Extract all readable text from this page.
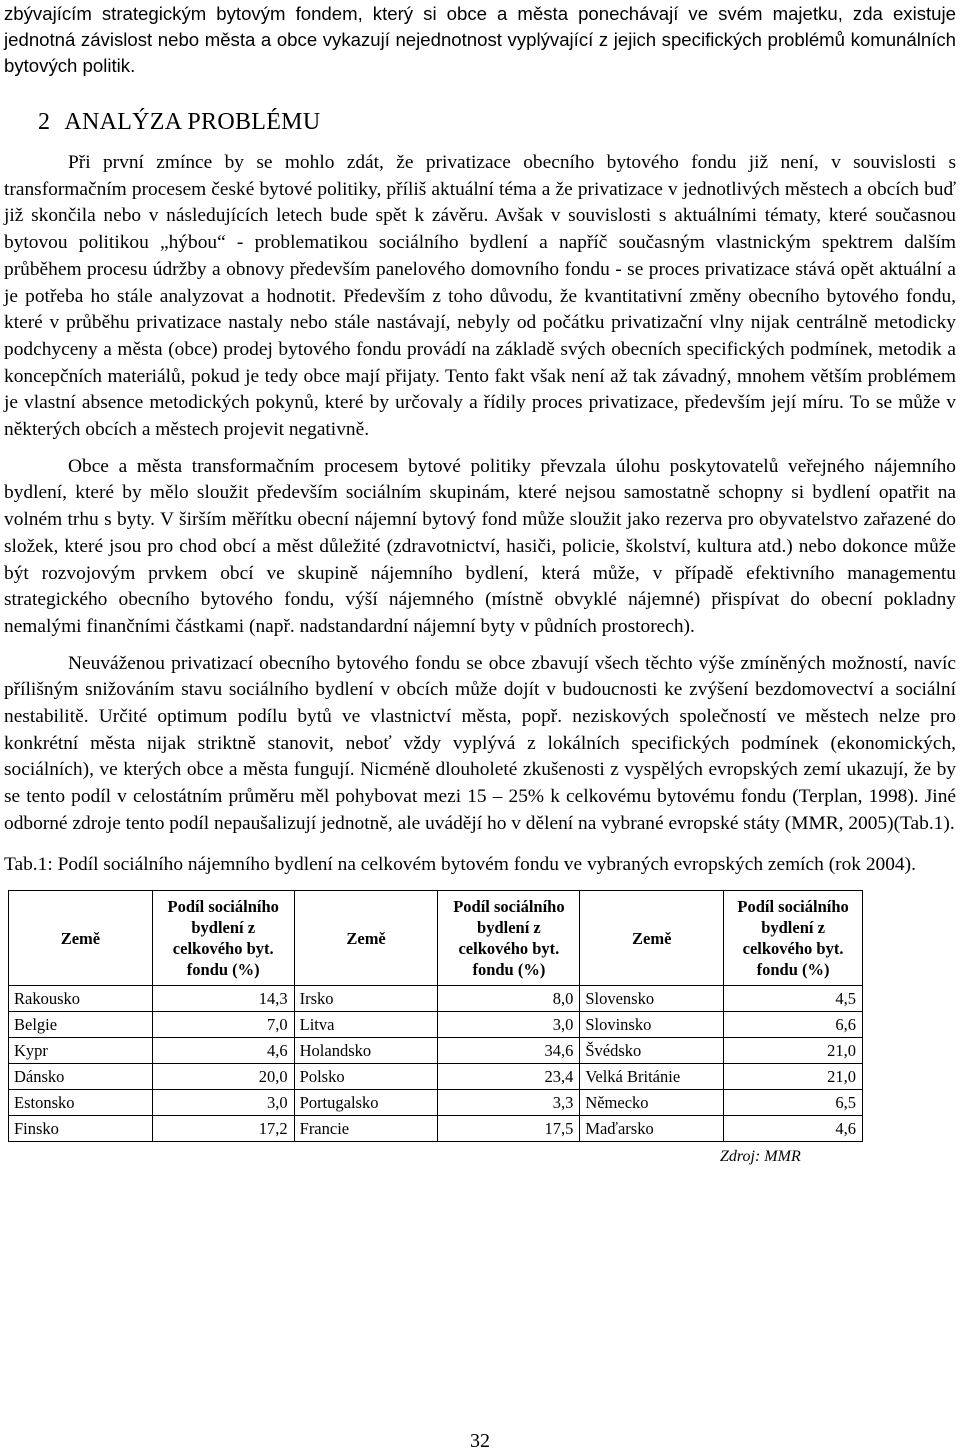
zbývajícím strategickým bytovým fondem, který si obce a města ponechávají ve svém majetku, zda existuje jednotná závislost nebo města a obce vykazují nejednotnost vyplývající z jejich specifických problémů komunálních bytových politik.

2 ANALÝZA PROBLÉMU

Při první zmínce by se mohlo zdát, že privatizace obecního bytového fondu již není, v souvislosti s transformačním procesem české bytové politiky, příliš aktuální téma a že privatizace v jednotlivých městech a obcích buď již skončila nebo v následujících letech bude spět k závěru. Avšak v souvislosti s aktuálními tématy, které současnou bytovou politikou „hýbou“ - problematikou sociálního bydlení a napříč současným vlastnickým spektrem dalším průběhem procesu údržby a obnovy především panelového domovního fondu - se proces privatizace stává opět aktuální a je potřeba ho stále analyzovat a hodnotit. Především z toho důvodu, že kvantitativní změny obecního bytového fondu, které v průběhu privatizace nastaly nebo stále nastávají, nebyly od počátku privatizační vlny nijak centrálně metodicky podchyceny a města (obce) prodej bytového fondu provádí na základě svých obecních specifických podmínek, metodik a koncepčních materiálů, pokud je tedy obce mají přijaty. Tento fakt však není až tak závadný, mnohem větším problémem je vlastní absence metodických pokynů, které by určovaly a řídily proces privatizace, především její míru. To se může v některých obcích a městech projevit negativně.

Obce a města transformačním procesem bytové politiky převzala úlohu poskytovatelů veřejného nájemního bydlení, které by mělo sloužit především sociálním skupinám, které nejsou samostatně schopny si bydlení opatřit na volném trhu s byty. V širším měřítku obecní nájemní bytový fond může sloužit jako rezerva pro obyvatelstvo zařazené do složek, které jsou pro chod obcí a měst důležité (zdravotnictví, hasiči, policie, školství, kultura atd.) nebo dokonce může být rozvojovým prvkem obcí ve skupině nájemního bydlení, která může, v případě efektivního managementu strategického obecního bytového fondu, výší nájemného (místně obvyklé nájemné) přispívat do obecní pokladny nemalými finančními částkami (např. nadstandardní nájemní byty v půdních prostorech).

Neuváženou privatizací obecního bytového fondu se obce zbavují všech těchto výše zmíněných možností, navíc přílišným snižováním stavu sociálního bydlení v obcích může dojít v budoucnosti ke zvýšení bezdomovectví a sociální nestabilitě. Určité optimum podílu bytů ve vlastnictví města, popř. neziskových společností ve městech nelze pro konkrétní města nijak striktně stanovit, neboť vždy vyplývá z lokálních specifických podmínek (ekonomických, sociálních), ve kterých obce a města fungují. Nicméně dlouholeté zkušenosti z vyspělých evropských zemí ukazují, že by se tento podíl v celostátním průměru měl pohybovat mezi 15 – 25% k celkovému bytovému fondu (Terplan, 1998). Jiné odborné zdroje tento podíl nepaušalizují jednotně, ale uvádějí ho v dělení na vybrané evropské státy (MMR, 2005)(Tab.1).

Tab.1: Podíl sociálního nájemního bydlení na celkovém bytovém fondu ve vybraných evropských zemích (rok 2004).

Země	Podíl sociálního bydlení z celkového byt. fondu (%)	Země	Podíl sociálního bydlení z celkového byt. fondu (%)	Země	Podíl sociálního bydlení z celkového byt. fondu (%)
Rakousko	14,3	Irsko	8,0	Slovensko	4,5
Belgie	7,0	Litva	3,0	Slovinsko	6,6
Kypr	4,6	Holandsko	34,6	Švédsko	21,0
Dánsko	20,0	Polsko	23,4	Velká Británie	21,0
Estonsko	3,0	Portugalsko	3,3	Německo	6,5
Finsko	17,2	Francie	17,5	Maďarsko	4,6
Zdroj: MMR
32
